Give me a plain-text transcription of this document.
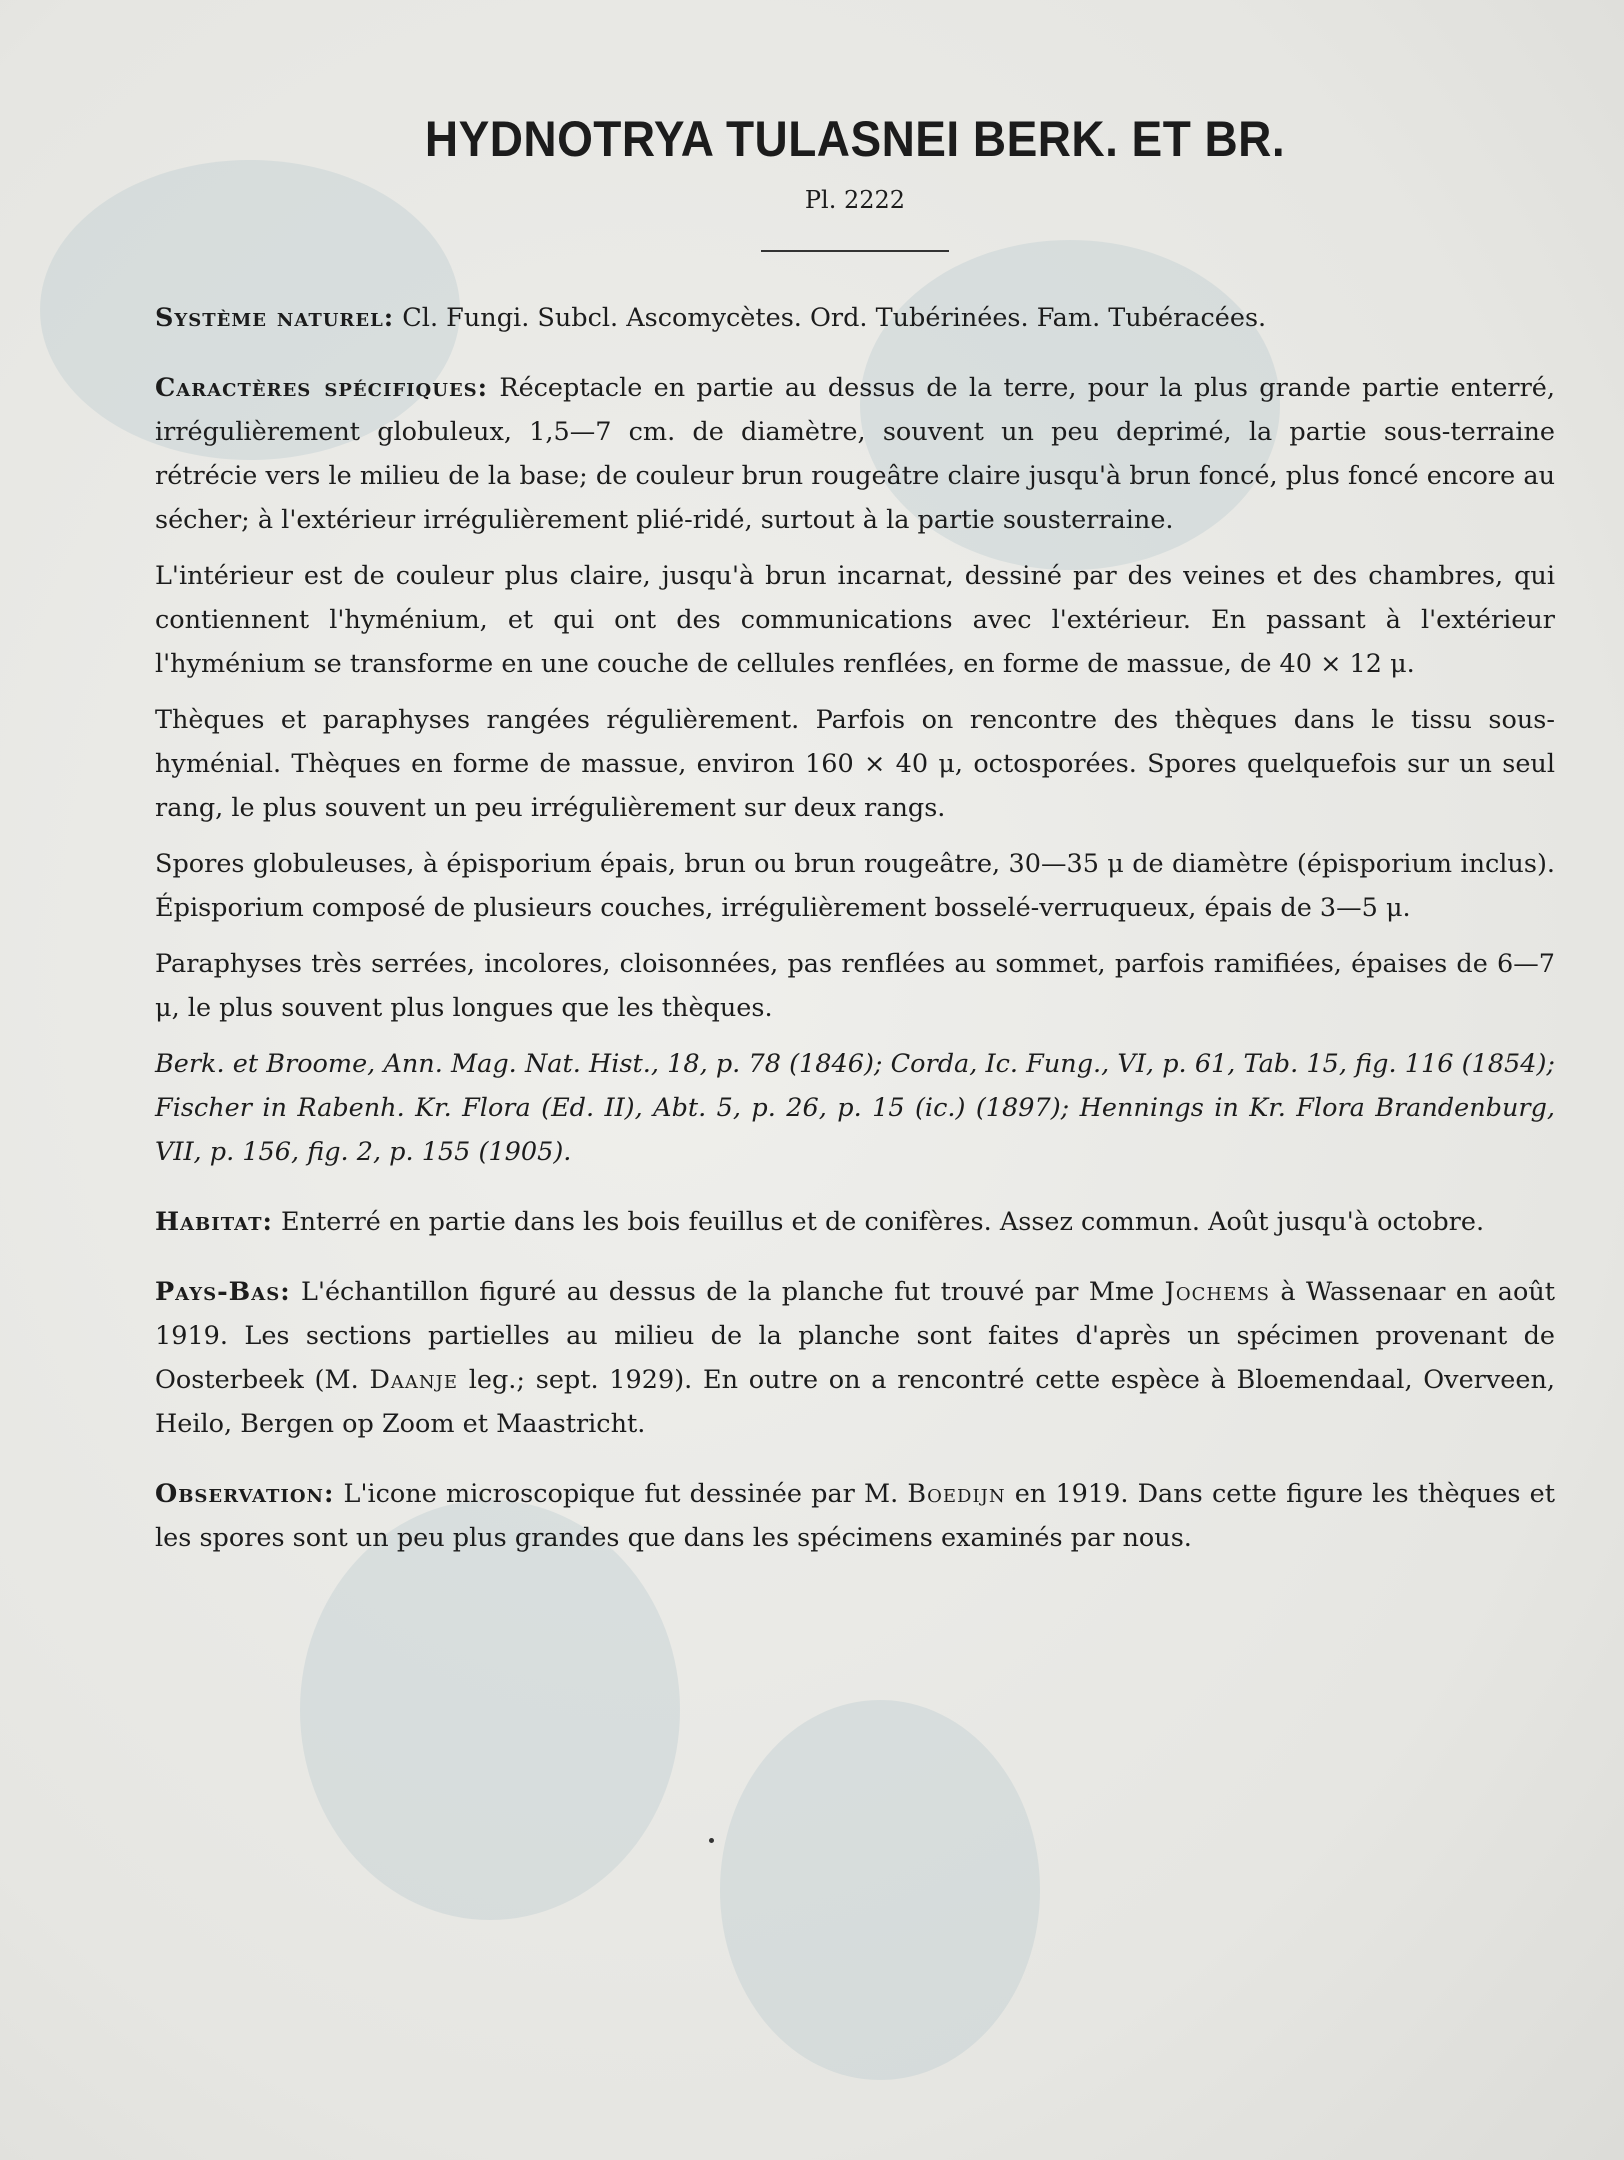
HYDNOTRYA TULASNEI BERK. ET BR.
Pl. 2222

Système naturel: Cl. Fungi. Subcl. Ascomycètes. Ord. Tubérinées. Fam. Tubéracées.

Caractères spécifiques: Réceptacle en partie au dessus de la terre, pour la plus grande partie enterré, irrégulièrement globuleux, 1,5—7 cm. de diamètre, souvent un peu deprimé, la partie sous-terraine rétrécie vers le milieu de la base; de couleur brun rougeâtre claire jusqu'à brun foncé, plus foncé encore au sécher; à l'extérieur irrégulièrement plié-ridé, surtout à la partie sousterraine.

L'intérieur est de couleur plus claire, jusqu'à brun incarnat, dessiné par des veines et des chambres, qui contiennent l'hyménium, et qui ont des communications avec l'extérieur. En passant à l'extérieur l'hyménium se transforme en une couche de cellules renflées, en forme de massue, de 40 × 12 μ.

Thèques et paraphyses rangées régulièrement. Parfois on rencontre des thèques dans le tissu sous-hyménial. Thèques en forme de massue, environ 160 × 40 μ, octosporées. Spores quelquefois sur un seul rang, le plus souvent un peu irrégulièrement sur deux rangs.

Spores globuleuses, à épisporium épais, brun ou brun rougeâtre, 30—35 μ de diamètre (épisporium inclus). Épisporium composé de plusieurs couches, irrégulièrement bosselé-verruqueux, épais de 3—5 μ.

Paraphyses très serrées, incolores, cloisonnées, pas renflées au sommet, parfois ramifiées, épaises de 6—7 μ, le plus souvent plus longues que les thèques.

Berk. et Broome, Ann. Mag. Nat. Hist., 18, p. 78 (1846); Corda, Ic. Fung., VI, p. 61, Tab. 15, fig. 116 (1854); Fischer in Rabenh. Kr. Flora (Ed. II), Abt. 5, p. 26, p. 15 (ic.) (1897); Hennings in Kr. Flora Brandenburg, VII, p. 156, fig. 2, p. 155 (1905).

Habitat: Enterré en partie dans les bois feuillus et de conifères. Assez commun. Août jusqu'à octobre.

Pays-Bas: L'échantillon figuré au dessus de la planche fut trouvé par Mme Jochems à Wassenaar en août 1919. Les sections partielles au milieu de la planche sont faites d'après un spécimen provenant de Oosterbeek (M. Daanje leg.; sept. 1929). En outre on a rencontré cette espèce à Bloemendaal, Overveen, Heilo, Bergen op Zoom et Maastricht.

Observation: L'icone microscopique fut dessinée par M. Boedijn en 1919. Dans cette figure les thèques et les spores sont un peu plus grandes que dans les spécimens examinés par nous.
